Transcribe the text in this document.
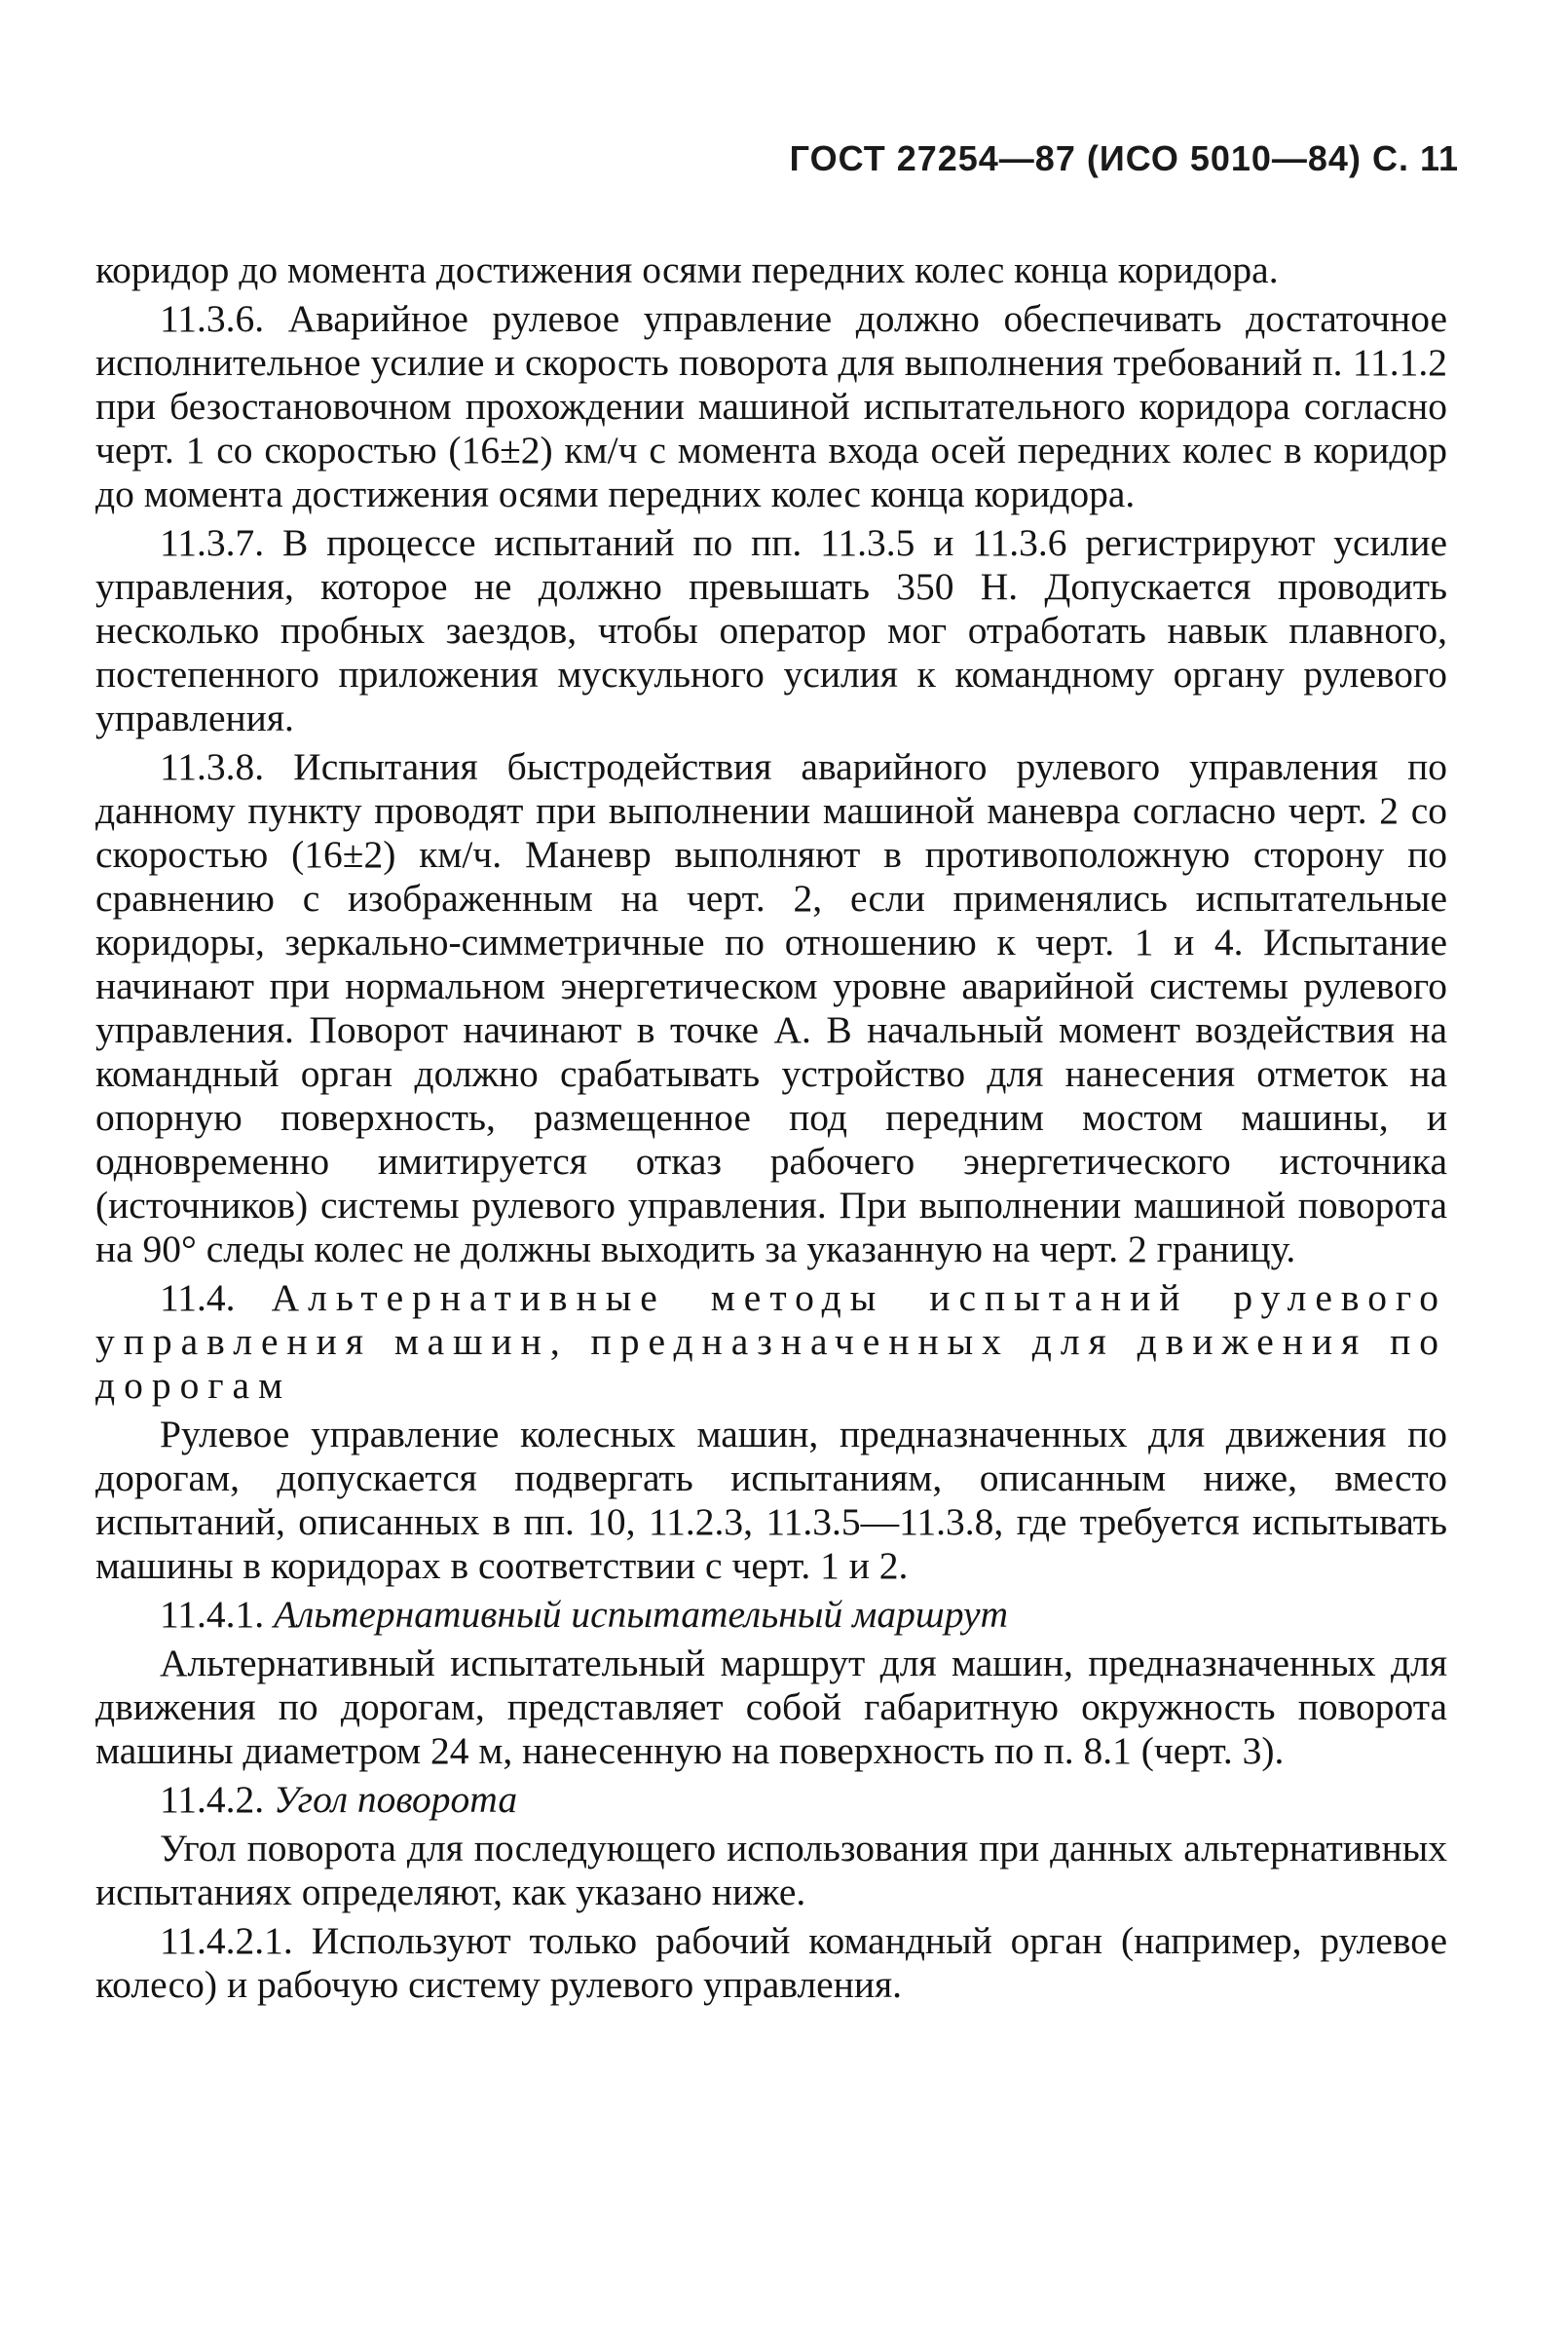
ГОСТ 27254—87 (ИСО 5010—84) С. 11

коридор до момента достижения осями передних колес конца коридора.

11.3.6. Аварийное рулевое управление должно обеспечивать достаточное исполнительное усилие и скорость поворота для выполнения требований п. 11.1.2 при безостановочном прохождении машиной испытательного коридора согласно черт. 1 со скоростью (16±2) км/ч с момента входа осей передних колес в коридор до момента достижения осями передних колес конца коридора.

11.3.7. В процессе испытаний по пп. 11.3.5 и 11.3.6 регистрируют усилие управления, которое не должно превышать 350 Н. Допускается проводить несколько пробных заездов, чтобы оператор мог отработать навык плавного, постепенного приложения мускульного усилия к командному органу рулевого управления.

11.3.8. Испытания быстродействия аварийного рулевого управления по данному пункту проводят при выполнении машиной маневра согласно черт. 2 со скоростью (16±2) км/ч. Маневр выполняют в противоположную сторону по сравнению с изображенным на черт. 2, если применялись испытательные коридоры, зеркально-симметричные по отношению к черт. 1 и 4. Испытание начинают при нормальном энергетическом уровне аварийной системы рулевого управления. Поворот начинают в точке А. В начальный момент воздействия на командный орган должно срабатывать устройство для нанесения отметок на опорную поверхность, размещенное под передним мостом машины, и одновременно имитируется отказ рабочего энергетического источника (источников) системы рулевого управления. При выполнении машиной поворота на 90° следы колес не должны выходить за указанную на черт. 2 границу.

11.4. Альтернативные методы испытаний рулевого управления машин, предназначенных для движения по дорогам

Рулевое управление колесных машин, предназначенных для движения по дорогам, допускается подвергать испытаниям, описанным ниже, вместо испытаний, описанных в пп. 10, 11.2.3, 11.3.5—11.3.8, где требуется испытывать машины в коридорах в соответствии с черт. 1 и 2.

11.4.1. Альтернативный испытательный маршрут

Альтернативный испытательный маршрут для машин, предназначенных для движения по дорогам, представляет собой габаритную окружность поворота машины диаметром 24 м, нанесенную на поверхность по п. 8.1 (черт. 3).

11.4.2. Угол поворота

Угол поворота для последующего использования при данных альтернативных испытаниях определяют, как указано ниже.

11.4.2.1. Используют только рабочий командный орган (например, рулевое колесо) и рабочую систему рулевого управления.
